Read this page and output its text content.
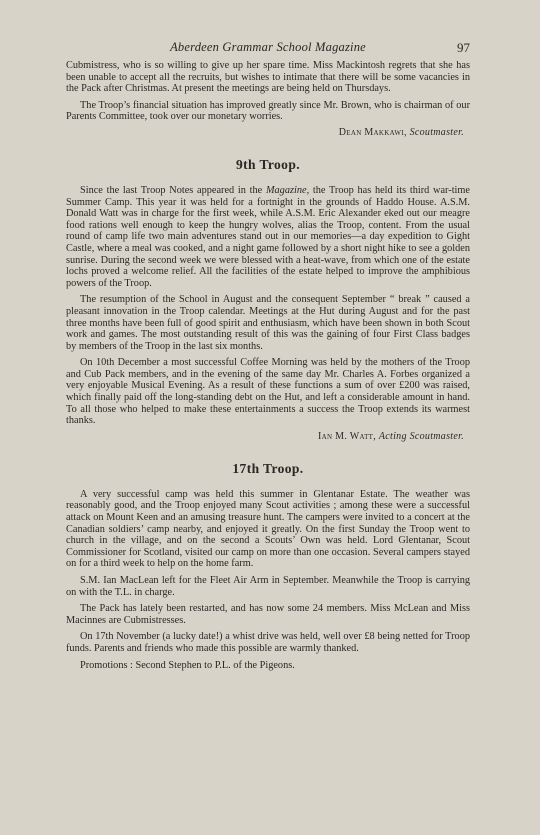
Aberdeen Grammar School Magazine	97

Cubmistress, who is so willing to give up her spare time. Miss Mackintosh regrets that she has been unable to accept all the recruits, but wishes to intimate that there will be some vacancies in the Pack after Christmas. At present the meetings are being held on Thursdays.

The Troop’s financial situation has improved greatly since Mr. Brown, who is chairman of our Parents Committee, took over our monetary worries.

Dean Makkawi, Scoutmaster.
9th Troop.

Since the last Troop Notes appeared in the Magazine, the Troop has held its third war-time Summer Camp. This year it was held for a fortnight in the grounds of Haddo House. A.S.M. Donald Watt was in charge for the first week, while A.S.M. Eric Alexander eked out our meagre food rations well enough to keep the hungry wolves, alias the Troop, content. From the usual round of camp life two main adventures stand out in our memories—a day expedition to Gight Castle, where a meal was cooked, and a night game followed by a short night hike to see a golden sunrise. During the second week we were blessed with a heat-wave, from which one of the estate lochs proved a welcome relief. All the facilities of the estate helped to improve the amphibious powers of the Troop.

The resumption of the School in August and the consequent September “ break ” caused a pleasant innovation in the Troop calendar. Meetings at the Hut during August and for the past three months have been full of good spirit and enthusiasm, which have been shown in both Scout work and games. The most outstanding result of this was the gaining of four First Class badges by members of the Troop in the last six months.

On 10th December a most successful Coffee Morning was held by the mothers of the Troop and Cub Pack members, and in the evening of the same day Mr. Charles A. Forbes organized a very enjoyable Musical Evening. As a result of these functions a sum of over £200 was raised, which finally paid off the long-standing debt on the Hut, and left a considerable amount in hand. To all those who helped to make these entertainments a success the Troop extends its warmest thanks.

Ian M. Watt, Acting Scoutmaster.
17th Troop.

A very successful camp was held this summer in Glentanar Estate. The weather was reasonably good, and the Troop enjoyed many Scout activities ; among these were a successful attack on Mount Keen and an amusing treasure hunt. The campers were invited to a concert at the Canadian soldiers’ camp nearby, and enjoyed it greatly. On the first Sunday the Troop went to church in the village, and on the second a Scouts’ Own was held. Lord Glentanar, Scout Commissioner for Scotland, visited our camp on more than one occasion. Several campers stayed on for a third week to help on the home farm.

S.M. Ian MacLean left for the Fleet Air Arm in September. Meanwhile the Troop is carrying on with the T.L. in charge.

The Pack has lately been restarted, and has now some 24 members. Miss McLean and Miss Macinnes are Cubmistresses.

On 17th November (a lucky date!) a whist drive was held, well over £8 being netted for Troop funds. Parents and friends who made this possible are warmly thanked.

Promotions : Second Stephen to P.L. of the Pigeons.
